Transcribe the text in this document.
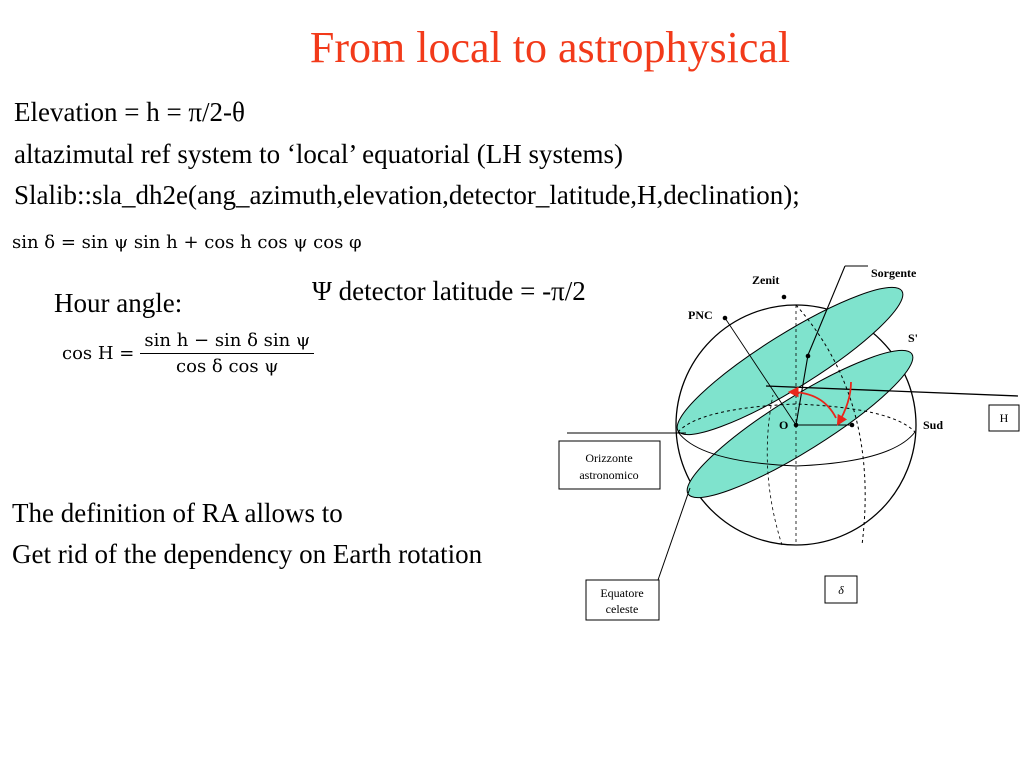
From local to astrophysical
Elevation = h = π/2-θ
altazimutal ref system to ‘local’ equatorial (LH systems)
Slalib::sla_dh2e(ang_azimuth,elevation,detector_latitude,H,declination);
sin δ = sin ψ sin h + cos h cos ψ cos φ
Hour angle:
$\cos H = \frac{\text{sin h − sin δ sin ψ}}{\text{cos δ cos ψ}}$
Ψ detector latitude = -π/2
The definition of RA allows to
Get rid of the dependency on Earth rotation
Zenit	Sorgente
PNC
S'
O	Sud	H
Orizzonte
astronomico
Equatore
celeste
δ
